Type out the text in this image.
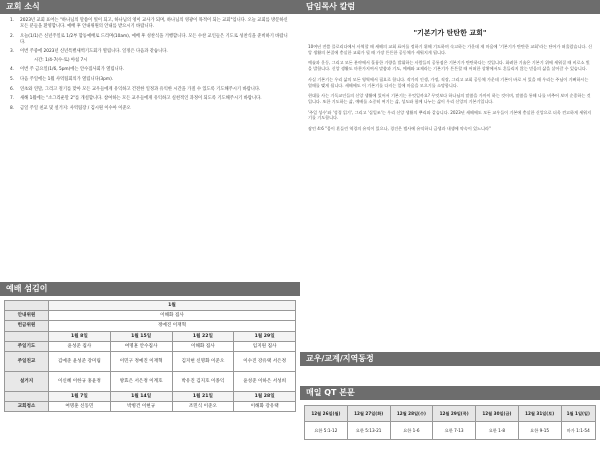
교회 소식
1.	2023년 교회 표어는 "하나님의 말씀이 빛이 되고, 하나님의 영이 교사가 되며, 하나님의 영광이 목적이 되는 교회"입니다. 오늘 교회를 방문하신 모든 분들을 환영합니다. 예배 후 안내위원의 안내를 받으시기 바랍니다.
2.	오늘(1/1)은 신년주일로 1/2부 합동예배로 드리며(10am), 예배 후 성찬식을 거행합니다. 모든 수찬 교인들은 기도로 성찬식을 준비하기 바랍니다.
3.	이번 주중에 2023년 신년특별새벽기도회가 열립니다. 일정은 다음과 같습니다.
시간: 1/4-7(수-토) 아침 7시
4.	이번 주 금요일(1/6, 5pm)에는 안수집사회가 열립니다.
5.	다음 주일에는 1월 사역팀회의가 열립니다(3pm).
6.	연초와 연말, 그리고 절기를 맞아 모든 교우들에게 유익하고 건전한 일정과 유익한 시간을 가질 수 있도록 기도해주시기 바랍니다.
7.	새해 1월에는 "소그리운말 2"를 개설합니다. 참여하는 모든 교우들에게 유익하고 실천적인 과정이 되도록 기도해주시기 바랍니다.
8.	금일 주일 친교 및 설거지: 사역팀장 / 김시원 이수아 이준오
예배 섬김이
	1월			
안내위원	이해화 집사			
헌금위원	정예진 이재혁			
	1월 8일	1월 15일	1월 22일	1월 29일
주일기도	윤성준 집사	여명훈 안수집사	이해화 집사	임지원 집사
주일친교	김예준 윤성준 강미림	이민구 정예진 이재혁	김지현 신명화 이준오	이수진 강유택 서은정
설거지	이신혜 이한규 홍윤정	방효은 서은정 이계호	박유진 김지호 이종익	윤성준 이하은 서성희
	1월 7일	1월 14일	1월 21일	1월 28일
교회청소	여명훈 신동민	박병건 이현규	조민식 이준오	이해화 강유택
담임목사 칼럼
"기본기가 탄탄한 교회"

10여년 전쯤 플로리다에서 사역할 때 새해의 교회 표어를 정하기 위해 기도하며 숙고하는 가운데 제 마음에 '기본기가 탄탄한 교회'라는 단어가 떠올랐습니다. 신앙 생활의 본질에 충실한 교회가 될 때 가장 튼튼한 공동체가 세워지게 됩니다.

예술과 운동, 그리고 모든 분야에서 훌륭한 기량을 발휘하는 사람들의 공통점은 기본기가 탄탄하다는 것입니다. 화려한 기술은 기본기 위에 세워질 때 비로소 빛을 발합니다. 신앙 생활도 마찬가지여서 말씀과 기도, 예배와 교제라는 기본기가 튼튼할 때 어떠한 상황에서도 흔들리지 않는 믿음의 삶을 살아갈 수 있습니다.

사실 기본기는 우리 삶의 모든 영역에서 필요로 합니다. 작가의 인생, 가정, 직장, 그리고 교회 공동체 가운데 기본이 바로 서 있을 때 우리는 주님이 기뻐하시는 열매를 맺게 됩니다. 새해에도 이 기본기를 다지는 일에 마음을 모으기를 소망합니다.

현대를 사는 기독교인들의 신앙 생활에 있어서 기본기는 무엇일까요? 무엇보다 하나님의 말씀을 가까이 하는 것이며, 말씀을 통해 나를 비추어 보며 순종하는 것입니다. 또한 기도하는 삶, 예배를 소중히 여기는 삶, 성도와 함께 나누는 삶이 우리 신앙의 기본기입니다.

'주일 성수'와 '성경 읽기', 그리고 '십일조'는 우리 신앙 생활의 뿌리와 같습니다. 2023년 새해에도 모든 교우들이 기본에 충실한 신앙으로 더욱 견고하게 세워지기를 기도합니다.

잠언 4:6 "몸이 흔들린 역경의 유익이 있으나, 경건은 범사에 유익하니 금생과 내생에 약속이 있느니라"

교우/교계/지역동정
매일 QT 본문
12월 26일(월)	12월 27일(화)	12월 28일(수)	12월 29일(목)	12월 30일(금)	12월 31일(토)	1월 1일(일)
요한 5:1-12	요한 5:13-21	요한 1-6	요한 7-13	요한 1-8	요한 9-15	마가 1:1-54
